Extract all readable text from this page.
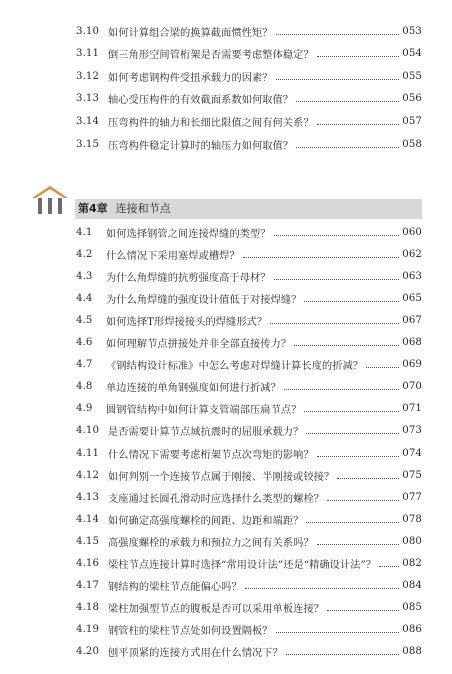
3.10 如何计算组合梁的换算截面惯性矩？	053
3.11 倒三角形空间管桁架是否需要考虑整体稳定？	054
3.12 如何考虑钢构件受扭承载力的因素？	055
3.13 轴心受压构件的有效截面系数如何取值？	056
3.14 压弯构件的轴力和长细比限值之间有何关系？	057
3.15 压弯构件稳定计算时的轴压力如何取值？	058
4.1	如何选择钢管之间连接焊缝的类型？	060
4.2	什么情况下采用塞焊或槽焊？	062
4.3	为什么角焊缝的抗剪强度高于母材？	063
4.4	为什么角焊缝的强度设计值低于对接焊缝？	065
4.5	如何选择T形焊接接头的焊缝形式？	067
4.6	如何理解节点拼接处并非全部直接传力？	068
4.7	《钢结构设计标准》中怎么考虑对焊缝计算长度的折减？	069
4.8	单边连接的单角钢强度如何进行折减？	070
4.9	圆钢管结构中如何计算支管端部压扁节点？	071
4.10 是否需要计算节点域抗震时的屈服承载力？	073
4.11 什么情况下需要考虑桁架节点次弯矩的影响？	074
4.12 如何判别一个连接节点属于刚接、半刚接或铰接？	075
4.13 支座通过长圆孔滑动时应选择什么类型的螺栓？	077
4.14 如何确定高强度螺栓的间距、边距和端距？	078
4.15 高强度螺栓的承载力和预拉力之间有关系吗？	080
4.16 梁柱节点连接计算时选择“常用设计法”还是“精确设计法”？	082
4.17 钢结构的梁柱节点能偏心吗？	084
4.18 梁柱加强型节点的腹板是否可以采用单板连接？	085
4.19 钢管柱的梁柱节点处如何设置隔板？	086
4.20 刨平顶紧的连接方式用在什么情况下？	088
第4章 连接和节点
